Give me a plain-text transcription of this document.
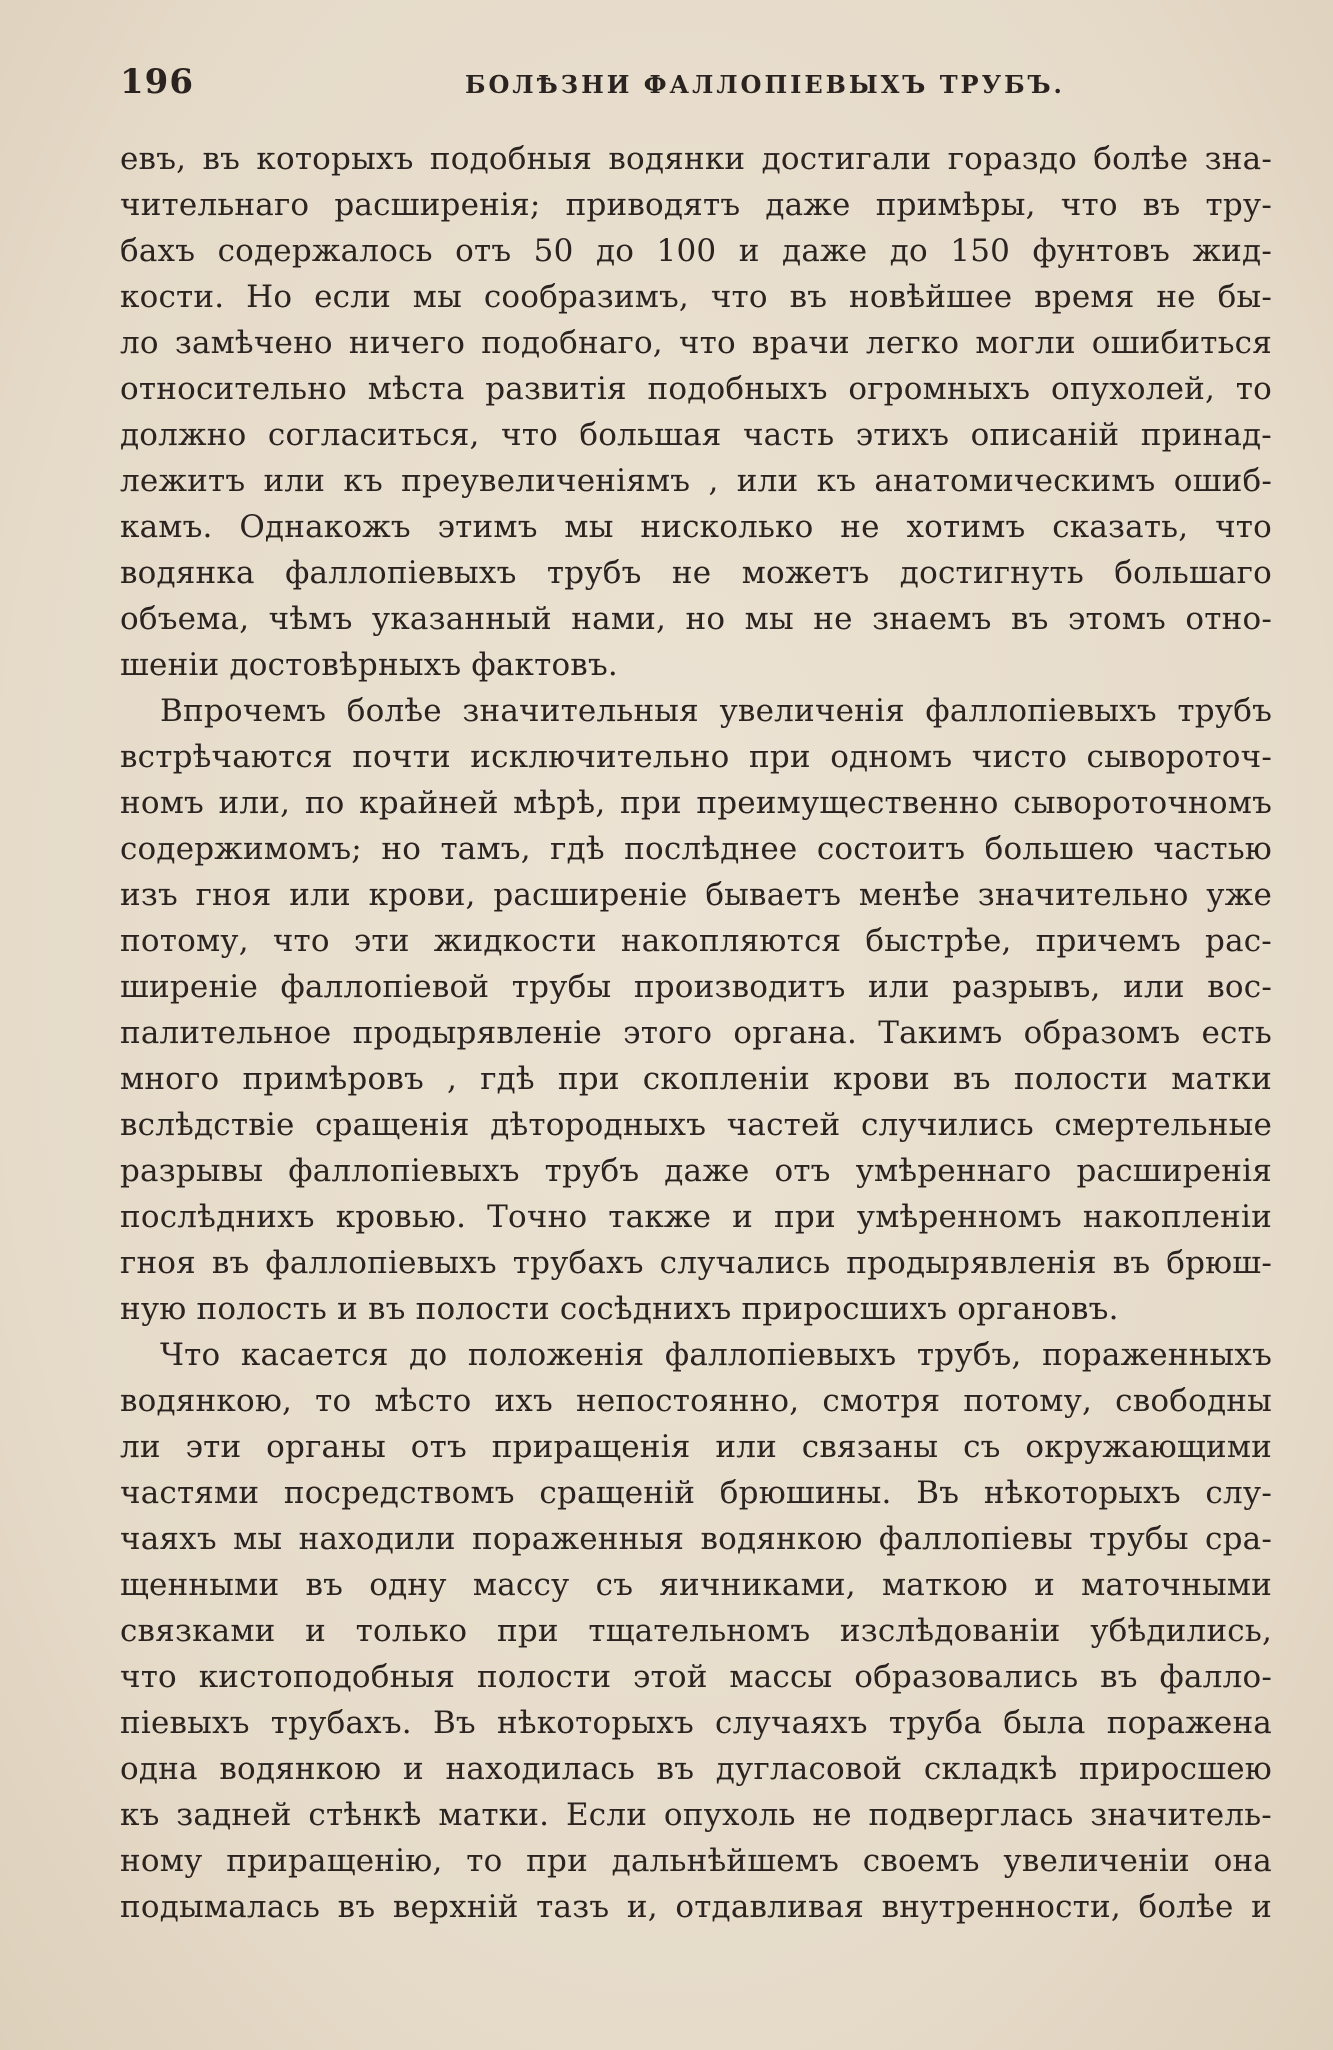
196	БОЛѢЗНИ ФАЛЛОПІЕВЫХЪ ТРУБЪ.
евъ, въ которыхъ подобныя водянки достигали гораздо болѣе зна-
чительнаго расширенія; приводятъ даже примѣры, что въ тру-
бахъ содержалось отъ 50 до 100 и даже до 150 фунтовъ жид-
кости. Но если мы сообразимъ, что въ новѣйшее время не бы-
ло замѣчено ничего подобнаго, что врачи легко могли ошибиться
относительно мѣста развитія подобныхъ огромныхъ опухолей, то
должно согласиться, что большая часть этихъ описаній принад-
лежитъ или къ преувеличеніямъ , или къ анатомическимъ ошиб-
камъ. Однакожъ этимъ мы нисколько не хотимъ сказать, что
водянка фаллопіевыхъ трубъ не можетъ достигнуть большаго
объема, чѣмъ указанный нами, но мы не знаемъ въ этомъ отно-
шеніи достовѣрныхъ фактовъ.
Впрочемъ болѣе значительныя увеличенія фаллопіевыхъ трубъ
встрѣчаются почти исключительно при одномъ чисто сывороточ-
номъ или, по крайней мѣрѣ, при преимущественно сывороточномъ
содержимомъ; но тамъ, гдѣ послѣднее состоитъ большею частью
изъ гноя или крови, расширеніе бываетъ менѣе значительно уже
потому, что эти жидкости накопляются быстрѣе, причемъ рас-
ширеніе фаллопіевой трубы производитъ или разрывъ, или вос-
палительное продырявленіе этого органа. Такимъ образомъ есть
много примѣровъ , гдѣ при скопленіи крови въ полости матки
вслѣдствіе сращенія дѣтородныхъ частей случились смертельные
разрывы фаллопіевыхъ трубъ даже отъ умѣреннаго расширенія
послѣднихъ кровью. Точно также и при умѣренномъ накопленіи
гноя въ фаллопіевыхъ трубахъ случались продырявленія въ брюш-
ную полость и въ полости сосѣднихъ приросшихъ органовъ.
Что касается до положенія фаллопіевыхъ трубъ, пораженныхъ
водянкою, то мѣсто ихъ непостоянно, смотря потому, свободны
ли эти органы отъ приращенія или связаны съ окружающими
частями посредствомъ сращеній брюшины. Въ нѣкоторыхъ слу-
чаяхъ мы находили пораженныя водянкою фаллопіевы трубы сра-
щенными въ одну массу съ яичниками, маткою и маточными
связками и только при тщательномъ изслѣдованіи убѣдились,
что кистоподобныя полости этой массы образовались въ фалло-
піевыхъ трубахъ. Въ нѣкоторыхъ случаяхъ труба была поражена
одна водянкою и находилась въ дугласовой складкѣ приросшею
къ задней стѣнкѣ матки. Если опухоль не подверглась значитель-
ному приращенію, то при дальнѣйшемъ своемъ увеличеніи она
подымалась въ верхній тазъ и, отдавливая внутренности, болѣе и
